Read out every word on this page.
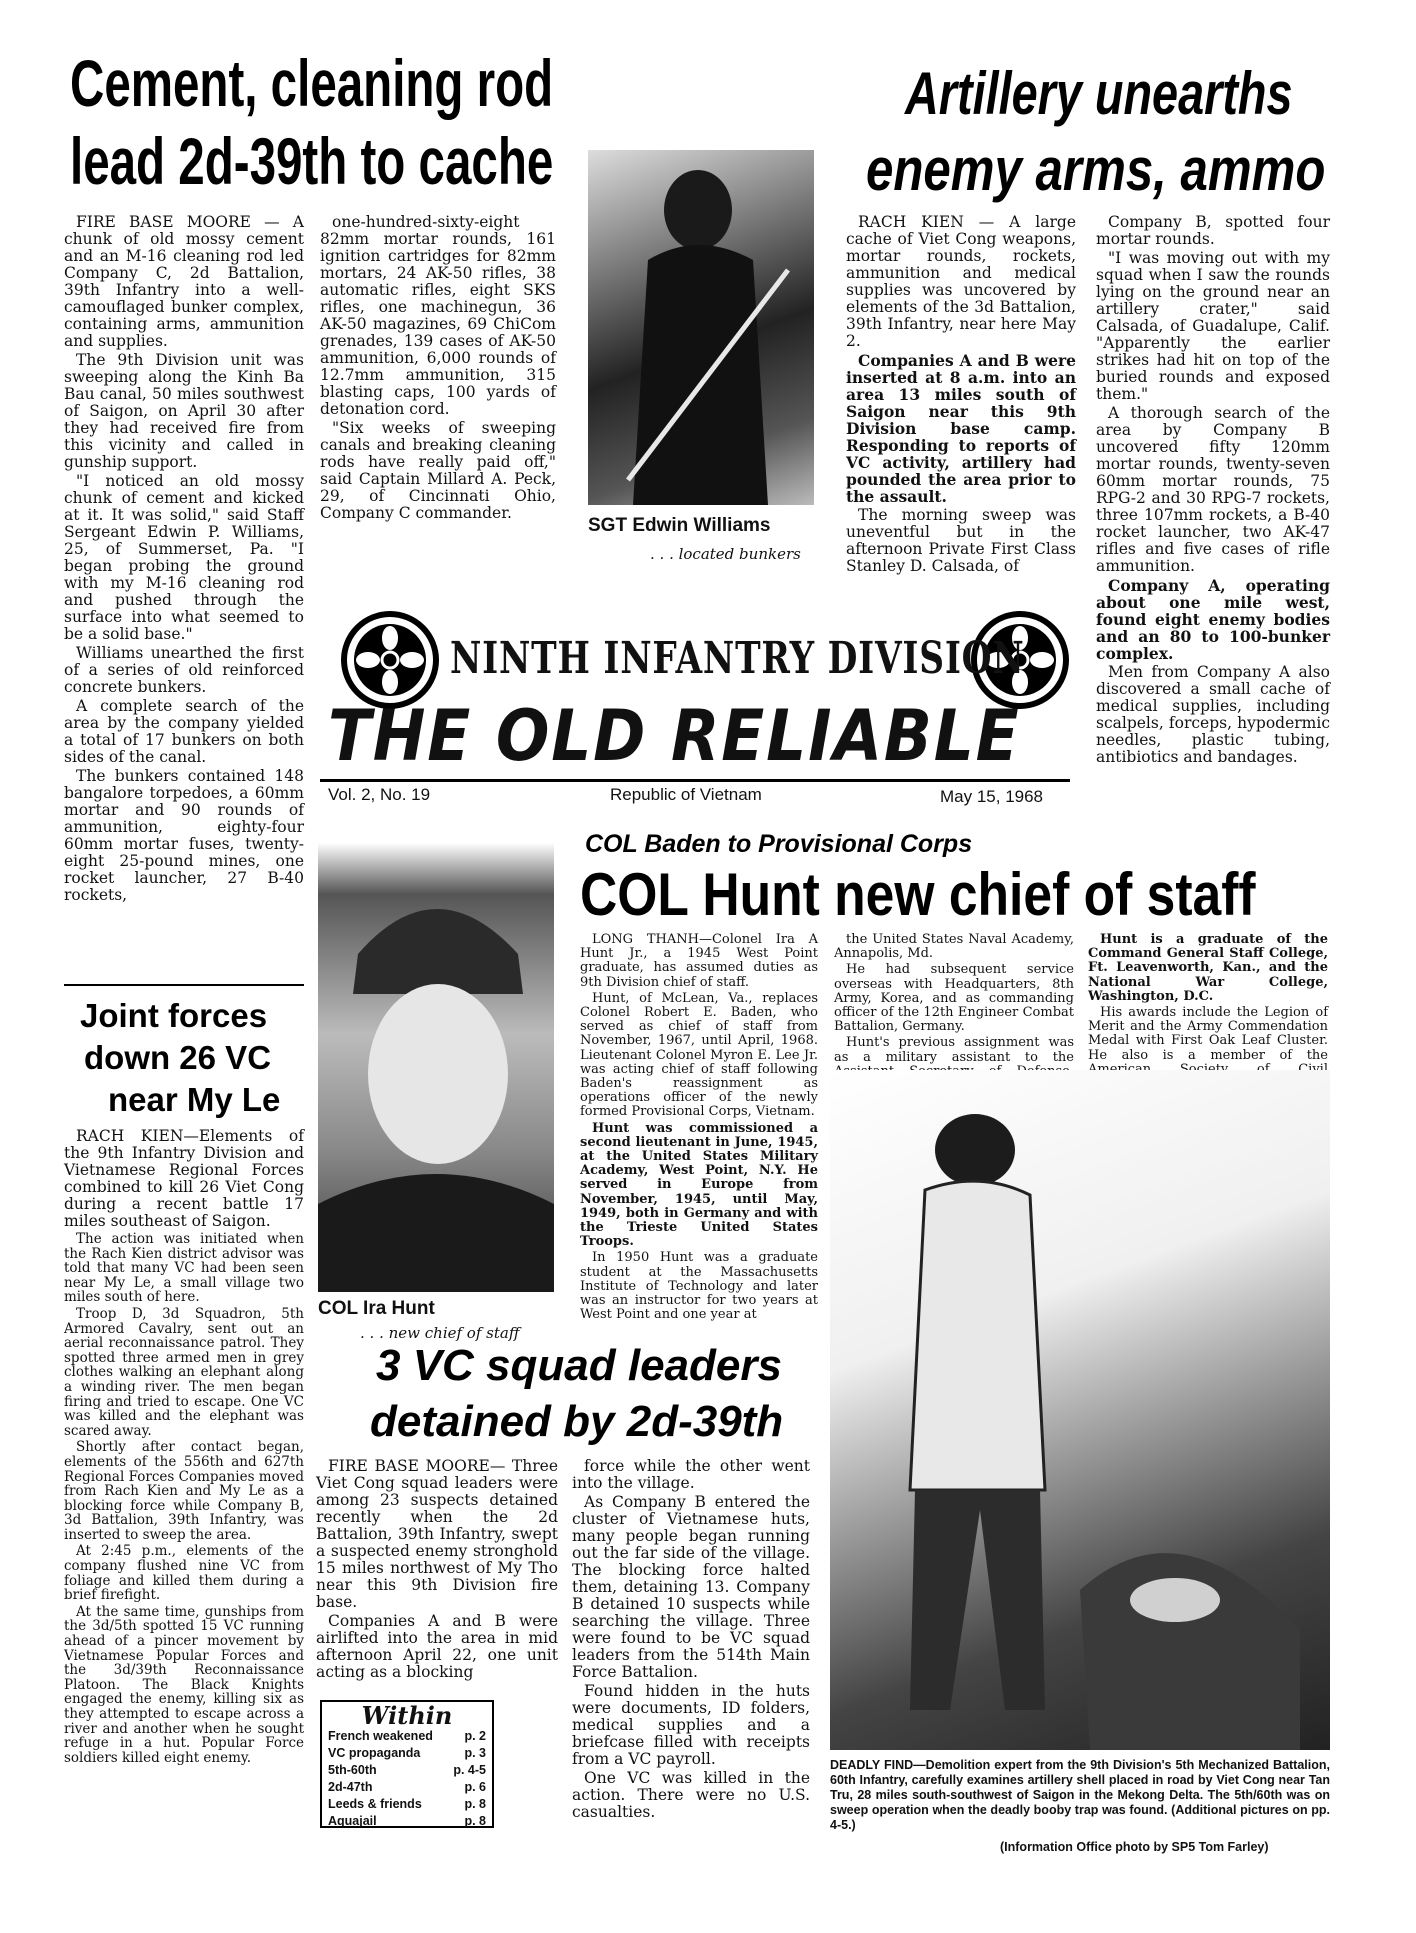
Cement, cleaning rod
lead 2d-39th to cache

FIRE BASE MOORE — A chunk of old mossy cement and an M-16 cleaning rod led Company C, 2d Battalion, 39th Infantry into a well-camouflaged bunker complex, containing arms, ammunition and supplies.

The 9th Division unit was sweeping along the Kinh Ba Bau canal, 50 miles southwest of Saigon, on April 30 after they had received fire from this vicinity and called in gunship support.

"I noticed an old mossy chunk of cement and kicked at it. It was solid," said Staff Sergeant Edwin P. Williams, 25, of Summerset, Pa. "I began probing the ground with my M-16 cleaning rod and pushed through the surface into what seemed to be a solid base."

Williams unearthed the first of a series of old reinforced concrete bunkers.

A complete search of the area by the company yielded a total of 17 bunkers on both sides of the canal.

The bunkers contained 148 bangalore torpedoes, a 60mm mortar and 90 rounds of ammunition, eighty-four 60mm mortar fuses, twenty-eight 25-pound mines, one rocket launcher, 27 B-40 rockets,

one-hundred-sixty-eight 82mm mortar rounds, 161 ignition cartridges for 82mm mortars, 24 AK-50 rifles, 38 automatic rifles, eight SKS rifles, one machinegun, 36 AK-50 magazines, 69 ChiCom grenades, 139 cases of AK-50 ammunition, 6,000 rounds of 12.7mm ammunition, 315 blasting caps, 100 yards of detonation cord.

"Six weeks of sweeping canals and breaking cleaning rods have really paid off," said Captain Millard A. Peck, 29, of Cincinnati Ohio, Company C commander.

SGT Edwin Williams
. . . located bunkers
Artillery unearths
enemy arms, ammo

RACH KIEN — A large cache of Viet Cong weapons, mortar rounds, rockets, ammunition and medical supplies was uncovered by elements of the 3d Battalion, 39th Infantry, near here May 2.

Companies A and B were inserted at 8 a.m. into an area 13 miles south of Saigon near this 9th Division base camp. Responding to reports of VC activity, artillery had pounded the area prior to the assault.

The morning sweep was uneventful but in the afternoon Private First Class Stanley D. Calsada, of

Company B, spotted four mortar rounds.

"I was moving out with my squad when I saw the rounds lying on the ground near an artillery crater," said Calsada, of Guadalupe, Calif. "Apparently the earlier strikes had hit on top of the buried rounds and exposed them."

A thorough search of the area by Company B uncovered fifty 120mm mortar rounds, twenty-seven 60mm mortar rounds, 75 RPG-2 and 30 RPG-7 rockets, three 107mm rockets, a B-40 rocket launcher, two AK-47 rifles and five cases of rifle ammunition.

Company A, operating about one mile west, found eight enemy bodies and an 80 to 100-bunker complex.

Men from Company A also discovered a small cache of medical supplies, including scalpels, forceps, hypodermic needles, plastic tubing, antibiotics and bandages.

NINTH INFANTRY DIVISION
THE OLD RELIABLE
Vol. 2, No. 19	Republic of Vietnam	May 15, 1968
Joint forces
down 26 VC
near My Le

RACH KIEN—Elements of the 9th Infantry Division and Vietnamese Regional Forces combined to kill 26 Viet Cong during a recent battle 17 miles southeast of Saigon.

The action was initiated when the Rach Kien district advisor was told that many VC had been seen near My Le, a small village two miles south of here.

Troop D, 3d Squadron, 5th Armored Cavalry, sent out an aerial reconnaissance patrol. They spotted three armed men in grey clothes walking an elephant along a winding river. The men began firing and tried to escape. One VC was killed and the elephant was scared away.

Shortly after contact began, elements of the 556th and 627th Regional Forces Companies moved from Rach Kien and My Le as a blocking force while Company B, 3d Battalion, 39th Infantry, was inserted to sweep the area.

At 2:45 p.m., elements of the company flushed nine VC from foliage and killed them during a brief firefight.

At the same time, gunships from the 3d/5th spotted 15 VC running ahead of a pincer movement by Vietnamese Popular Forces and the 3d/39th Reconnaissance Platoon. The Black Knights engaged the enemy, killing six as they attempted to escape across a river and another when he sought refuge in a hut. Popular Force soldiers killed eight enemy.

COL Ira Hunt
. . . new chief of staff
COL Baden to Provisional Corps
COL Hunt new chief of staff

LONG THANH—Colonel Ira A Hunt Jr., a 1945 West Point graduate, has assumed duties as 9th Division chief of staff.

Hunt, of McLean, Va., replaces Colonel Robert E. Baden, who served as chief of staff from November, 1967, until April, 1968. Lieutenant Colonel Myron E. Lee Jr. was acting chief of staff following Baden's reassignment as operations officer of the newly formed Provisional Corps, Vietnam.

Hunt was commissioned a second lieutenant in June, 1945, at the United States Military Academy, West Point, N.Y. He served in Europe from November, 1945, until May, 1949, both in Germany and with the Trieste United States Troops.

In 1950 Hunt was a graduate student at the Massachusetts Institute of Technology and later was an instructor for two years at West Point and one year at

the United States Naval Academy, Annapolis, Md.

He had subsequent service overseas with Headquarters, 8th Army, Korea, and as commanding officer of the 12th Engineer Combat Battalion, Germany.

Hunt's previous assignment was as a military assistant to the

Hunt is a graduate of the Command General Staff College, Ft. Leavenworth, Kan., and the National War College, Washington, D.C.

His awards include the Legion of Merit and the Army Commendation Medal with First Oak Leaf Cluster. He also is a member of the

3 VC squad leaders
detained by 2d-39th

FIRE BASE MOORE— Three Viet Cong squad leaders were among 23 suspects detained recently when the 2d Battalion, 39th Infantry, swept a suspected enemy stronghold 15 miles northwest of My Tho near this 9th Division fire base.

Companies A and B were airlifted into the area in mid afternoon April 22, one unit acting as a blocking

force while the other went into the village.

As Company B entered the cluster of Vietnamese huts, many people began running out the far side of the village. The blocking force halted them, detaining 13. Company B detained 10 suspects while searching the village. Three were found to be VC squad leaders from the 514th Main Force Battalion.

Found hidden in the huts were documents, ID folders, medical supplies and a briefcase filled with receipts from a VC payroll.

One VC was killed in the action. There were no U.S. casualties.

Within
French weakened	p. 2
VC propaganda	p. 3
5th-60th	p. 4-5
2d-47th	p. 6
Leeds & friends	p. 8
Aquajail	p. 8
DEADLY FIND—Demolition expert from the 9th Division's 5th Mechanized Battalion, 60th Infantry, carefully examines artillery shell placed in road by Viet Cong near Tan Tru, 28 miles south-southwest of Saigon in the Mekong Delta. The 5th/60th was on sweep operation when the deadly booby trap was found. (Additional pictures on pp. 4-5.)
(Information Office photo by SP5 Tom Farley)
